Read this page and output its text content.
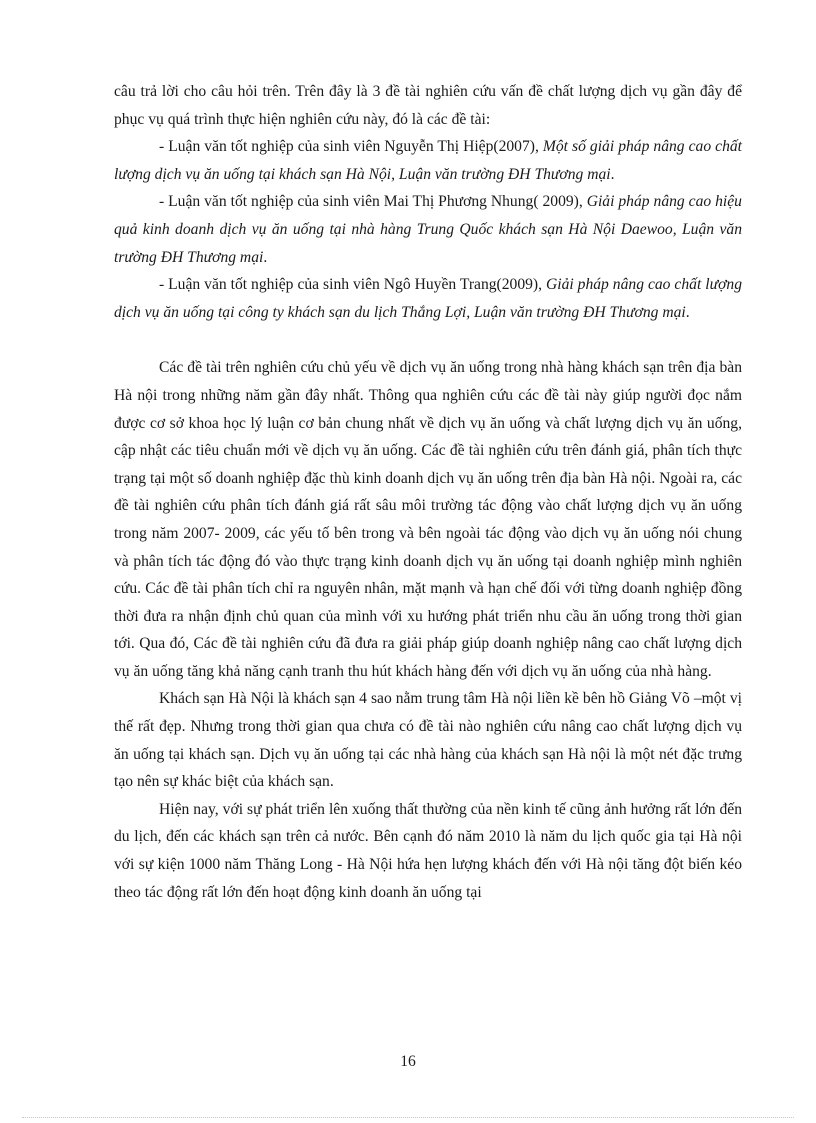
câu trả lời cho câu hỏi trên. Trên đây là 3 đề tài nghiên cứu vấn đề chất lượng dịch vụ gần đây để phục vụ quá trình thực hiện nghiên cứu này, đó là các đề tài:

- Luận văn tốt nghiệp của sinh viên Nguyễn Thị Hiệp(2007), Một số giải pháp nâng cao chất lượng dịch vụ ăn uống tại khách sạn Hà Nội, Luận văn trường ĐH Thương mại.

- Luận văn tốt nghiệp của sinh viên Mai Thị Phương Nhung( 2009), Giải pháp nâng cao hiệu quả kinh doanh dịch vụ ăn uống tại nhà hàng Trung Quốc khách sạn Hà Nội Daewoo, Luận văn trường ĐH Thương mại.

- Luận văn tốt nghiệp của sinh viên Ngô Huyền Trang(2009), Giải pháp nâng cao chất lượng dịch vụ ăn uống tại công ty khách sạn du lịch Thắng Lợi, Luận văn trường ĐH Thương mại.

Các đề tài trên nghiên cứu chủ yếu về dịch vụ ăn uống trong nhà hàng khách sạn trên địa bàn Hà nội trong những năm gần đây nhất. Thông qua nghiên cứu các đề tài này giúp người đọc nắm được cơ sở khoa học lý luận cơ bản chung nhất về dịch vụ ăn uống và chất lượng dịch vụ ăn uống, cập nhật các tiêu chuẩn mới về dịch vụ ăn uống. Các đề tài nghiên cứu trên đánh giá, phân tích thực trạng tại một số doanh nghiệp đặc thù kinh doanh dịch vụ ăn uống trên địa bàn Hà nội. Ngoài ra, các đề tài nghiên cứu phân tích đánh giá rất sâu môi trường tác động vào chất lượng dịch vụ ăn uống trong năm 2007- 2009, các yếu tố bên trong và bên ngoài tác động vào dịch vụ ăn uống nói chung và phân tích tác động đó vào thực trạng kinh doanh dịch vụ ăn uống tại doanh nghiệp mình nghiên cứu. Các đề tài phân tích chỉ ra nguyên nhân, mặt mạnh và hạn chế đối với từng doanh nghiệp đồng thời đưa ra nhận định chủ quan của mình với xu hướng phát triển nhu cầu ăn uống trong thời gian tới. Qua đó, Các đề tài nghiên cứu đã đưa ra giải pháp giúp doanh nghiệp nâng cao chất lượng dịch vụ ăn uống tăng khả năng cạnh tranh thu hút khách hàng đến với dịch vụ ăn uống của nhà hàng.

Khách sạn Hà Nội là khách sạn 4 sao nằm trung tâm Hà nội liền kề bên hồ Giảng Võ –một vị thế rất đẹp. Nhưng trong thời gian qua chưa có đề tài nào nghiên cứu nâng cao chất lượng dịch vụ ăn uống tại khách sạn. Dịch vụ ăn uống tại các nhà hàng của khách sạn Hà nội là một nét đặc trưng tạo nên sự khác biệt của khách sạn.

Hiện nay, với sự phát triển lên xuống thất thường của nền kinh tế cũng ảnh hưởng rất lớn đến du lịch, đến các khách sạn trên cả nước. Bên cạnh đó năm 2010 là năm du lịch quốc gia tại Hà nội với sự kiện 1000 năm Thăng Long - Hà Nội hứa hẹn lượng khách đến với Hà nội tăng đột biến kéo theo tác động rất lớn đến hoạt động kinh doanh ăn uống tại

16
